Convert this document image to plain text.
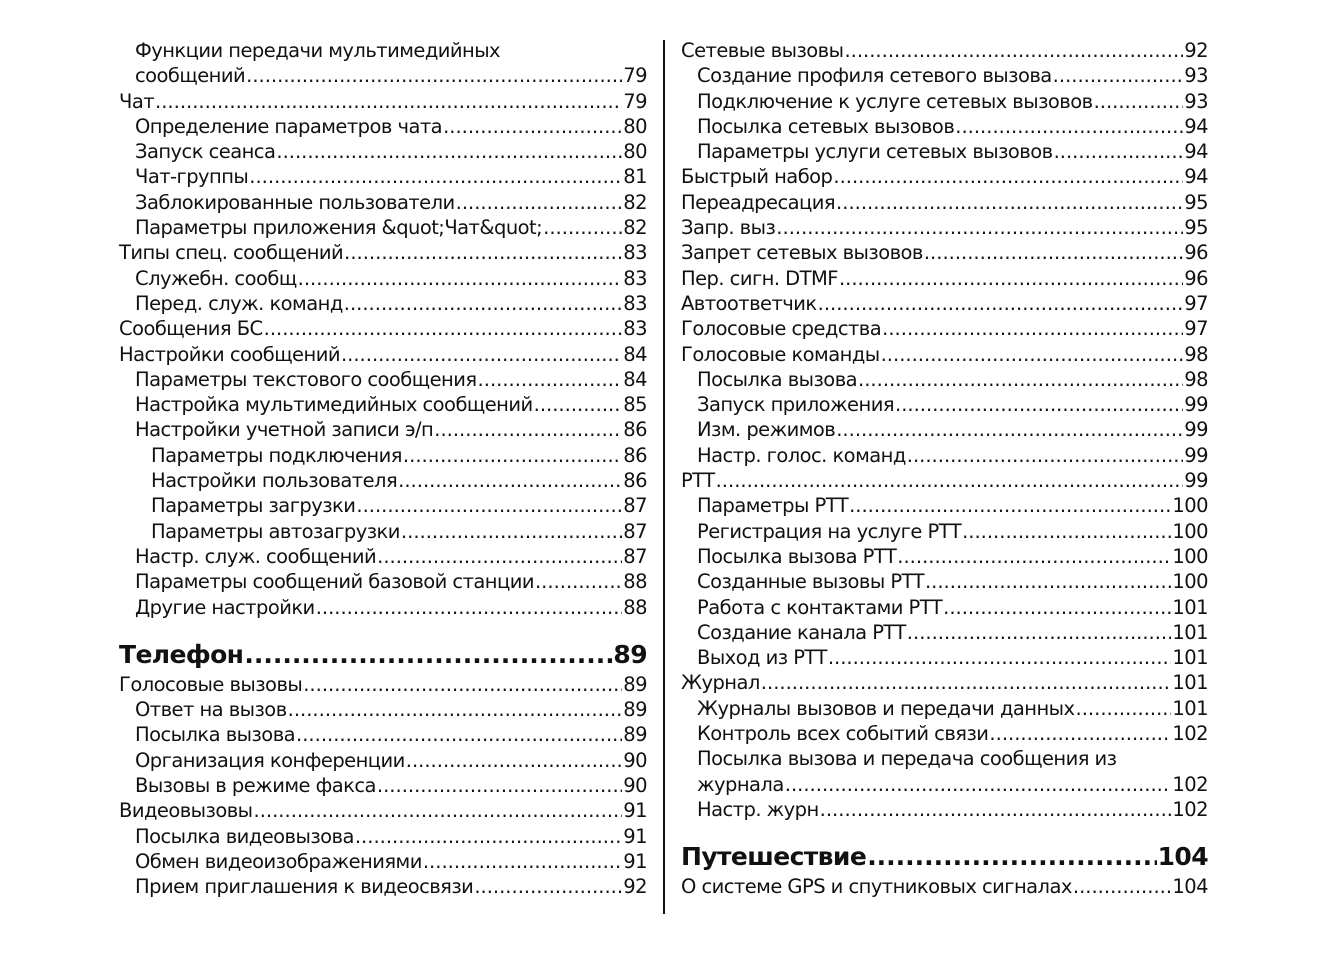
Функции передачи мультимедийных
сообщений .....	79
Чат .....	79
Определение параметров чата .....	80
Запуск сеанса .....	80
Чат-группы .....	81
Заблокированные пользователи .....	82
Параметры приложения &quot;Чат&quot; .....	82
Типы спец. сообщений .....	83
Служебн. сообщ .....	83
Перед. служ. команд .....	83
Сообщения БС .....	83
Настройки сообщений .....	84
Параметры текстового сообщения .....	84
Настройка мультимедийных сообщений .....	85
Настройки учетной записи э/п .....	86
Параметры подключения .....	86
Настройки пользователя .....	86
Параметры загрузки .....	87
Параметры автозагрузки .....	87
Настр. служ. сообщений .....	87
Параметры сообщений базовой станции .....	88
Другие настройки .....	88
Телефон .....	89
Голосовые вызовы .....	89
Ответ на вызов .....	89
Посылка вызова .....	89
Организация конференции .....	90
Вызовы в режиме факса .....	90
Видеовызовы .....	91
Посылка видеовызова .....	91
Обмен видеоизображениями .....	91
Прием приглашения к видеосвязи .....	92
Сетевые вызовы .....	92
Создание профиля сетевого вызова .....	93
Подключение к услуге сетевых вызовов .....	93
Посылка сетевых вызовов .....	94
Параметры услуги сетевых вызовов .....	94
Быстрый набор .....	94
Переадресация .....	95
Запр. выз .....	95
Запрет сетевых вызовов .....	96
Пер. сигн. DTMF .....	96
Автоответчик .....	97
Голосовые средства .....	97
Голосовые команды .....	98
Посылка вызова .....	98
Запуск приложения .....	99
Изм. режимов .....	99
Настр. голос. команд .....	99
PTT .....	99
Параметры PTT .....	100
Регистрация на услуге PTT .....	100
Посылка вызова PTT .....	100
Созданные вызовы PTT .....	100
Работа с контактами PTT .....	101
Создание канала PTT .....	101
Выход из PTT .....	101
Журнал .....	101
Журналы вызовов и передачи данных .....	101
Контроль всех событий связи .....	102
Посылка вызова и передача сообщения из
журнала .....	102
Настр. журн .....	102
Путешествие .....	104
О системе GPS и спутниковых сигналах .....	104
